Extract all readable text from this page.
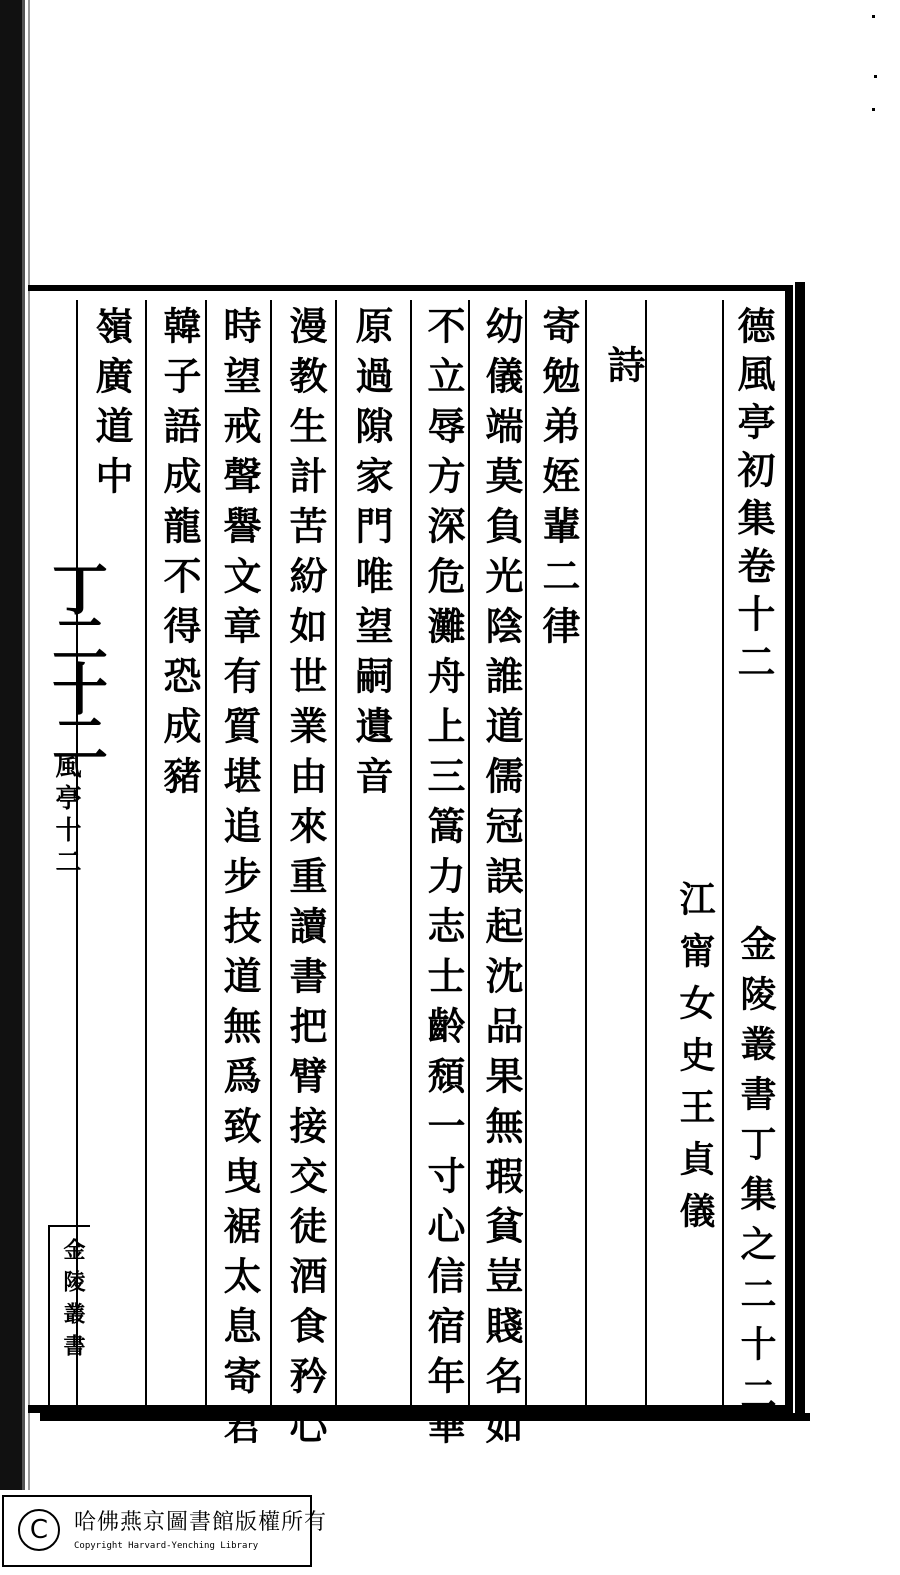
德風亭初集卷十二
金陵叢書丁集之二十二
江甯女史王貞儀
詩
寄勉弟姪輩二律
幼儀端莫負光陰誰道儒冠誤起沈品果無瑕貧豈賤名如
不立辱方深危灘舟上三篙力志士齡頹一寸心信宿年華
原過隙家門唯望嗣遺音
漫教生計苦紛如世業由來重讀書把臂接交徒酒食矜心
時望戒聲譽文章有質堪追步技道無爲致曳裾太息寄君
韓子語成龍不得恐成豬
嶺廣道中
丁二十二
風亭十二
金陵叢書
C	哈佛燕京圖書館版權所有
Copyright Harvard-Yenching Library
